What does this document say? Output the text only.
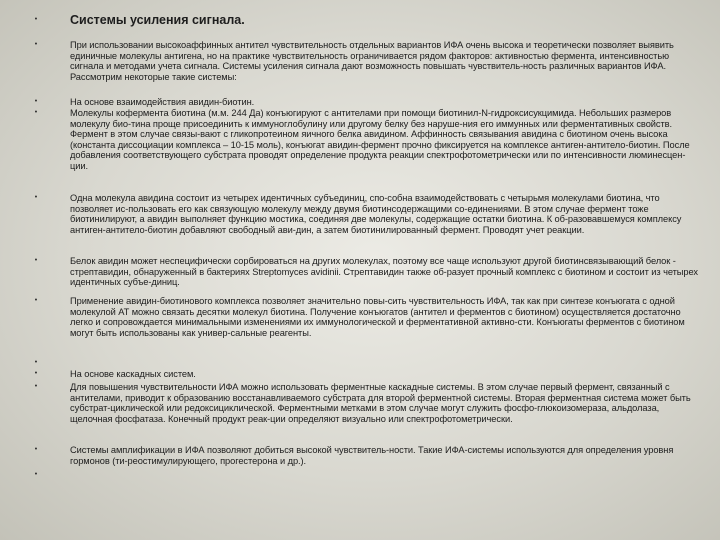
•	Системы усиления сигнала.
•	При использовании высокоаффинных антител чувствительность отдельных вариантов ИФА очень высока и теоретически позволяет выявить единичные молекулы антигена, но на практике чувствительность ограничивается рядом факторов: активностью фермента, интенсивностью сигнала и методами учета сигнала. Системы усиления сигнала дают возможность повышать чувствитель-ность различных вариантов ИФА. Рассмотрим некоторые такие системы:
•	На основе взаимодействия авидин-биотин.
•	Молекулы кофермента биотина (м.м. 244 Да) конъюгируют с антителами при помощи биотинил-N-гидроксисукцимида. Небольших размеров молекулу био-тина проще присоединить к иммуноглобулину или другому белку без наруше-ния его иммунных или ферментативных свойств. Фермент в этом случае связы-вают с гликопротеином яичного белка авидином. Аффинность связывания авидина с биотином очень высока (константа диссоциации комплекса – 10-15 моль), конъюгат авидин-фермент прочно фиксируется на комплексе антиген-антитело-биотин. После добавления соответствующего субстрата проводят определение продукта реакции спектрофотометрически или по интенсивности люминесцен-ции.
•	Одна молекула авидина состоит из четырех идентичных субъединиц, спо-собна взаимодействовать с четырьмя молекулами биотина, что позволяет ис-пользовать его как связующую молекулу между двумя биотинсодержащими со-единениями. В этом случае фермент тоже биотинилируют, а авидин выполняет функцию мостика, соединяя две молекулы, содержащие остатки биотина. К об-разовавшемуся комплексу антиген-антитело-биотин добавляют свободный ави-дин, а затем биотинилированный фермент. Проводят учет реакции.
•	Белок авидин может неспецифически сорбироваться на других молекулах, поэтому все чаще используют другой биотинсвязывающий белок - стрептавидин, обнаруженный в бактериях Streptomyces avidinii. Стрептавидин также об-разует прочный комплекс с биотином и состоит из четырех идентичных субъе-диниц.
•	Применение авидин-биотинового комплекса позволяет значительно повы-сить чувствительность ИФА, так как при синтезе конъюгата с одной молекулой АТ можно связать десятки молекул биотина. Получение конъюгатов (антител и ферментов с биотином) осуществляется достаточно легко и сопровождается минимальными изменениями их иммунологической и ферментативной активно-сти. Конъюгаты ферментов с биотином могут быть использованы как универ-сальные реагенты.
•
•	На основе каскадных систем.
•	Для повышения чувствительности ИФА можно использовать ферментные каскадные системы. В этом случае первый фермент, связанный с антителами, приводит к образованию восстанавливаемого субстрата для второй ферментной системы. Вторая ферментная система может быть субстрат-циклической или редоксициклической. Ферментными метками в этом случае могут служить фосфо-глюкоизомераза, альдолаза, щелочная фосфатаза. Конечный продукт реак-ции определяют визуально или спектрофотометрически.
•	Системы амплификации в ИФА позволяют добиться высокой чувствитель-ности. Такие ИФА-системы используются для определения уровня гормонов (ти-реостимулирующего, прогестерона и др.).
•
